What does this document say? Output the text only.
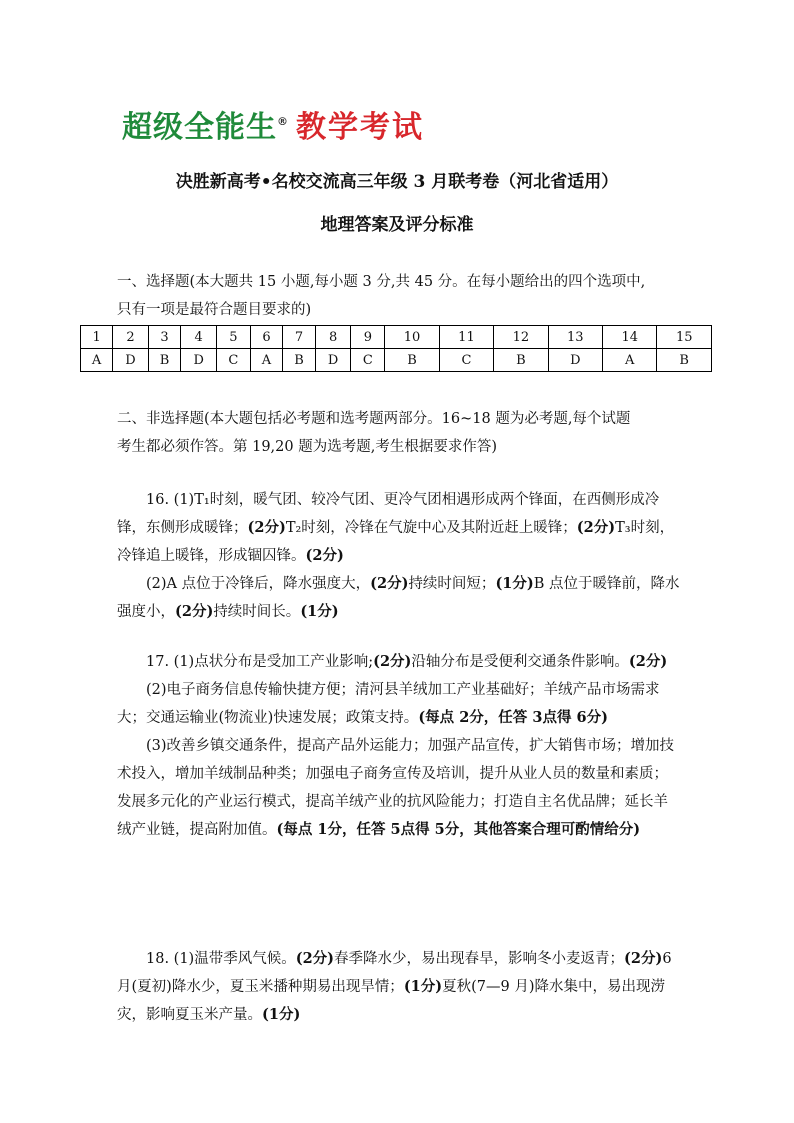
超级全能生® 教学考试
决胜新高考•名校交流高三年级 3 月联考卷（河北省适用）
地理答案及评分标准
一、选择题(本大题共 15 小题,每小题 3 分,共 45 分。在每小题给出的四个选项中,
只有一项是最符合题目要求的)
1	2	3	4	5	6	7	8	9	10	11	12	13	14	15
A	D	B	D	C	A	B	D	C	B	C	B	D	A	B
二、非选择题(本大题包括必考题和选考题两部分。16~18 题为必考题,每个试题
考生都必须作答。第 19,20 题为选考题,考生根据要求作答)
16. (1)T₁时刻，暖气团、较冷气团、更冷气团相遇形成两个锋面，在西侧形成冷锋，东侧形成暖锋；(2分)T₂时刻，冷锋在气旋中心及其附近赶上暖锋；(2分)T₃时刻，冷锋追上暖锋，形成锢囚锋。(2分)
(2)A 点位于冷锋后，降水强度大，(2分)持续时间短；(1分)B 点位于暖锋前，降水强度小，(2分)持续时间长。(1分)
17. (1)点状分布是受加工产业影响;(2分)沿轴分布是受便利交通条件影响。(2分)
(2)电子商务信息传输快捷方便；清河县羊绒加工产业基础好；羊绒产品市场需求大；交通运输业(物流业)快速发展；政策支持。(每点 2分，任答 3点得 6分)
(3)改善乡镇交通条件，提高产品外运能力；加强产品宣传，扩大销售市场；增加技术投入，增加羊绒制品种类；加强电子商务宣传及培训，提升从业人员的数量和素质；发展多元化的产业运行模式，提高羊绒产业的抗风险能力；打造自主名优品牌；延长羊绒产业链，提高附加值。(每点 1分，任答 5点得 5分，其他答案合理可酌情给分)
18. (1)温带季风气候。(2分)春季降水少，易出现春旱，影响冬小麦返青；(2分)6 月(夏初)降水少，夏玉米播种期易出现旱情；(1分)夏秋(7—9 月)降水集中，易出现涝灾，影响夏玉米产量。(1分)
